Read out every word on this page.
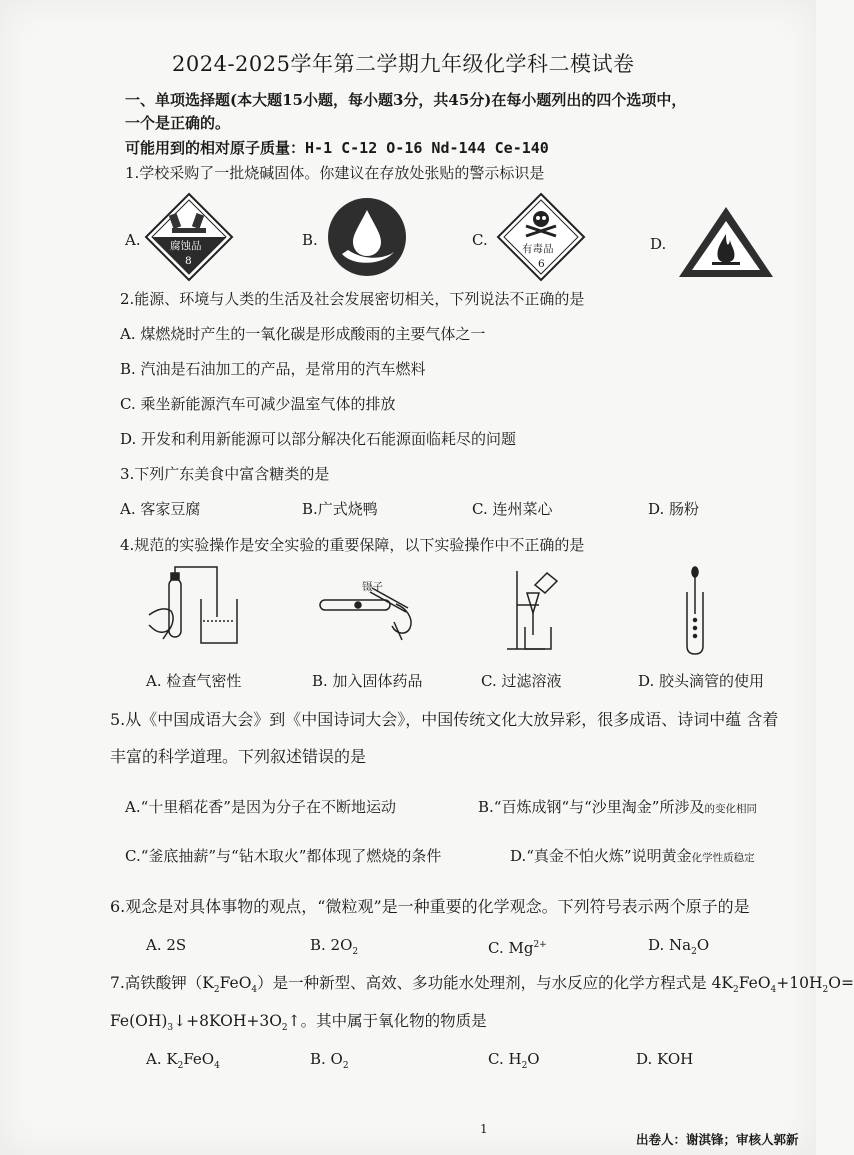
2024-2025学年第二学期九年级化学科二模试卷
一、单项选择题(本大题15小题，每小题3分，共45分)在每小题列出的四个选项中，
一个是正确的。
可能用到的相对原子质量：H-1 C-12 O-16 Nd-144 Ce-140
1.学校采购了一批烧碱固体。你建议在存放处张贴的警示标识是
A.	B.	C.	D.
腐蚀品
8
有毒品
6
2.能源、环境与人类的生活及社会发展密切相关，下列说法不正确的是
A. 煤燃烧时产生的一氧化碳是形成酸雨的主要气体之一
B. 汽油是石油加工的产品，是常用的汽车燃料
C. 乘坐新能源汽车可减少温室气体的排放
D. 开发和利用新能源可以部分解决化石能源面临耗尽的问题
3.下列广东美食中富含糖类的是
A. 客家豆腐	B.广式烧鸭	C. 连州菜心	D. 肠粉
4.规范的实验操作是安全实验的重要保障，以下实验操作中不正确的是
镊子
A. 检查气密性	B. 加入固体药品	C. 过滤溶液	D. 胶头滴管的使用
5.从《中国成语大会》到《中国诗词大会》，中国传统文化大放异彩，很多成语、诗词中蕴 含着
丰富的科学道理。下列叙述错误的是
A.“十里稻花香”是因为分子在不断地运动	B.“百炼成钢“与“沙里淘金”所涉及的变化相同
C.“釜底抽薪”与“钻木取火”都体现了燃烧的条件	D.“真金不怕火炼”说明黄金化学性质稳定
6.观念是对具体事物的观点，“微粒观”是一种重要的化学观念。下列符号表示两个原子的是
A. 2S	B. $2O_2$	C. $Mg^{2+}$	D. $Na_2O$
7.高铁酸钾$(K_2FeO_4)$是一种新型、高效、多功能水处理剂，与水反应的化学方程式是 $4K_2FeO_4+10H_2O=$
$Fe(OH)_3↓+8KOH+3O_2↑$。其中属于氧化物的物质是
A. $K_2FeO_4$	B. $O_2$	C. $H_2O$	D. KOH
1
出卷人：谢淇锋；审核人郭新
